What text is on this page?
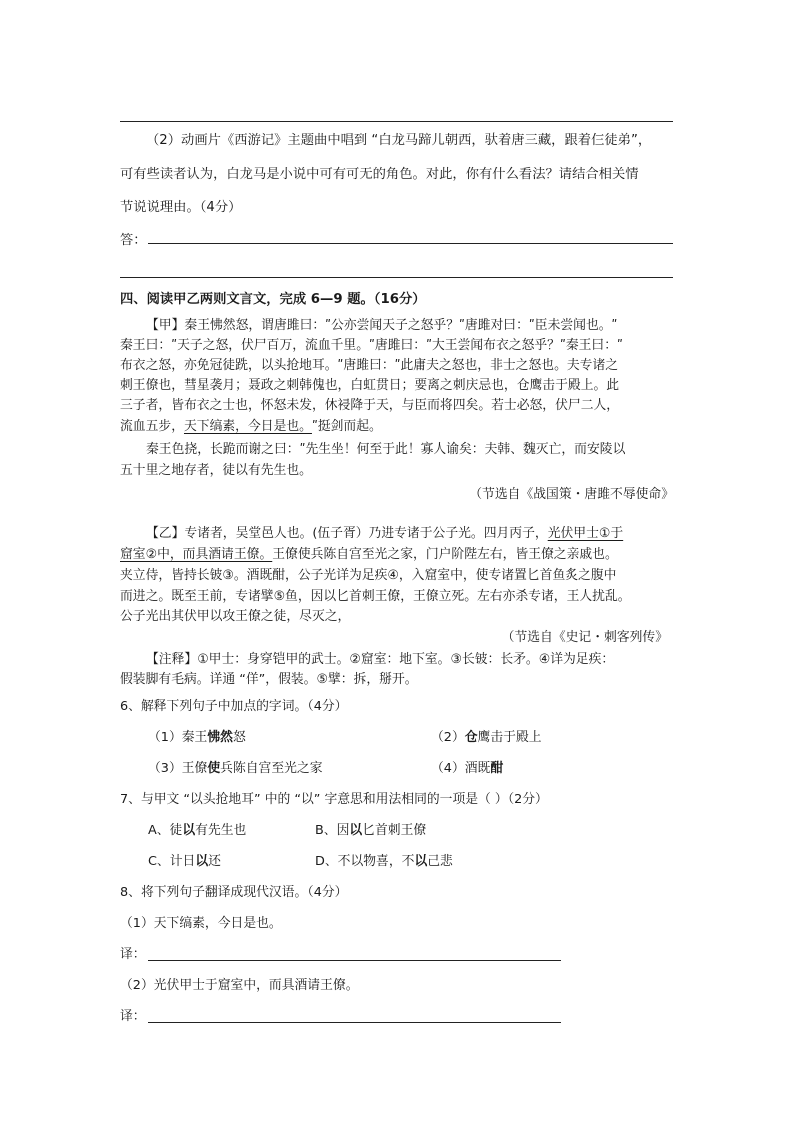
（2）动画片《西游记》主题曲中唱到 “白龙马蹄儿朝西，驮着唐三藏，跟着仨徒弟”，
可有些读者认为，白龙马是小说中可有可无的角色。对此，你有什么看法？请结合相关情
节说说理由。（4分）
答：
四、阅读甲乙两则文言文，完成 6—9 题。（16分）
【甲】秦王怫然怒，谓唐雎曰：ʺ公亦尝闻天子之怒乎？ʺ唐雎对曰：ʺ臣未尝闻也。ʺ
秦王曰：ʺ天子之怒，伏尸百万，流血千里。ʺ唐雎曰：ʺ大王尝闻布衣之怒乎？ʺ秦王曰：ʺ
布衣之怒，亦免冠徒跣，以头抢地耳。ʺ唐雎曰：ʺ此庸夫之怒也，非士之怒也。夫专诸之
刺王僚也，彗星袭月；聂政之刺韩傀也，白虹贯日；要离之刺庆忌也，仓鹰击于殿上。此
三子者，皆布衣之士也，怀怒未发，休祲降于天，与臣而将四矣。若士必怒，伏尸二人，
流血五步，天下缟素，今日是也。ʺ挺剑而起。
秦王色挠，长跪而谢之曰：ʺ先生坐！何至于此！寡人谕矣：夫韩、魏灭亡，而安陵以
五十里之地存者，徒以有先生也。
（节选自《战国策・唐雎不辱使命》
【乙】专诸者，吴堂邑人也。(伍子胥）乃进专诸于公子光。四月丙子，光伏甲士①于
窟室②中，而具酒请王僚。王僚使兵陈自宫至光之家，门户阶陛左右，皆王僚之亲戚也。
夹立侍，皆持长铍③。酒既酣，公子光详为足疾④，入窟室中，使专诸置匕首鱼炙之腹中
而进之。既至王前，专诸擘⑤鱼，因以匕首刺王僚，王僚立死。左右亦杀专诸，王人扰乱。
公子光出其伏甲以攻王僚之徒，尽灭之，
（节选自《史记・刺客列传》
【注释】①甲士：身穿铠甲的武士。②窟室：地下室。③长铍：长矛。④详为足疾：
假装脚有毛病。详通 “佯”，假装。⑤擘：拆，掰开。
6、解释下列句子中加点的字词。（4分）
（1）秦王怫然怒	（2）仓鹰击于殿上
（3）王僚使兵陈自宫至光之家	（4）酒既酣
7、与甲文 “以头抢地耳” 中的 “以” 字意思和用法相同的一项是（ ）（2分）
A、徒以有先生也	B、因以匕首刺王僚
C、计日以还	D、不以物喜，不以己悲
8、将下列句子翻译成现代汉语。（4分）
（1）天下缟素，今日是也。
译：
（2）光伏甲士于窟室中，而具酒请王僚。
译：
